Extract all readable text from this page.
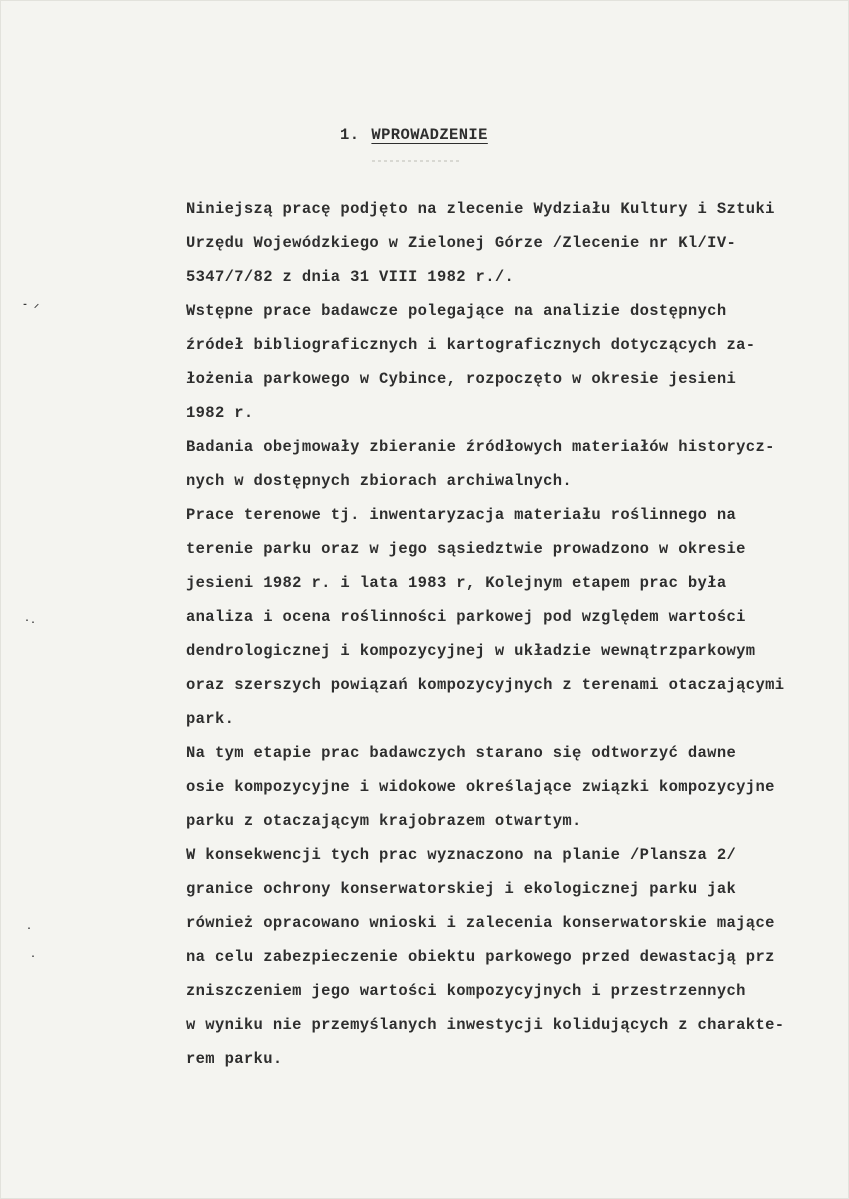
1. WPROWADZENIE
- ⸝
·.
·
·
Niniejszą pracę podjęto na zlecenie Wydziału Kultury i Sztuki
Urzędu Wojewódzkiego w Zielonej Górze /Zlecenie nr Kl/IV-
5347/7/82 z dnia 31 VIII 1982 r./.
Wstępne prace badawcze polegające na analizie dostępnych
źródeł bibliograficznych i kartograficznych dotyczących za-
łożenia parkowego w Cybince, rozpoczęto w okresie jesieni
1982 r.
Badania obejmowały zbieranie źródłowych materiałów historycz-
nych w dostępnych zbiorach archiwalnych.
Prace terenowe tj. inwentaryzacja materiału roślinnego na
terenie parku oraz w jego sąsiedztwie prowadzono w okresie
jesieni 1982 r. i lata 1983 r, Kolejnym etapem prac była
analiza i ocena roślinności parkowej pod względem wartości
dendrologicznej i kompozycyjnej w układzie wewnątrzparkowym
oraz szerszych powiązań kompozycyjnych z terenami otaczającymi
park.
Na tym etapie prac badawczych starano się odtworzyć dawne
osie kompozycyjne i widokowe określające związki kompozycyjne
parku z otaczającym krajobrazem otwartym.
W konsekwencji tych prac wyznaczono na planie /Plansza 2/
granice ochrony konserwatorskiej i ekologicznej parku jak
również opracowano wnioski i zalecenia konserwatorskie mające
na celu zabezpieczenie obiektu parkowego przed dewastacją prz
zniszczeniem jego wartości kompozycyjnych i przestrzennych
w wyniku nie przemyślanych inwestycji kolidujących z charakte-
rem parku.
